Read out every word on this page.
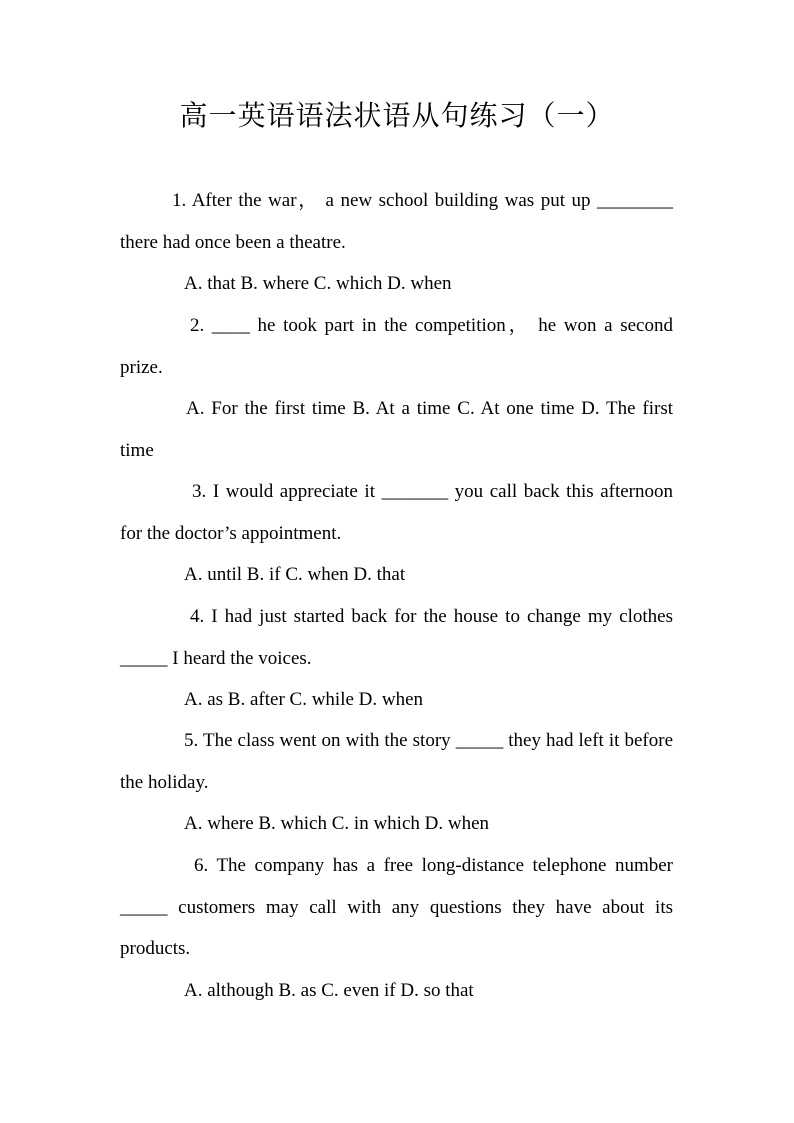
高一英语语法状语从句练习（一）
1. After the war， a new school building was put up ________ there had once been a theatre.
A. that B. where C. which D. when
2. ____ he took part in the competition， he won a second prize.
A. For the first time B. At a time C. At one time D. The first time
3. I would appreciate it _______ you call back this afternoon for the doctor’s appointment.
A. until B. if C. when D. that
4. I had just started back for the house to change my clothes _____ I heard the voices.
A. as B. after C. while D. when
5. The class went on with the story _____ they had left it before the holiday.
A. where B. which C. in which D. when
6. The company has a free long-distance telephone number _____ customers may call with any questions they have about its products.
A. although B. as C. even if D. so that
